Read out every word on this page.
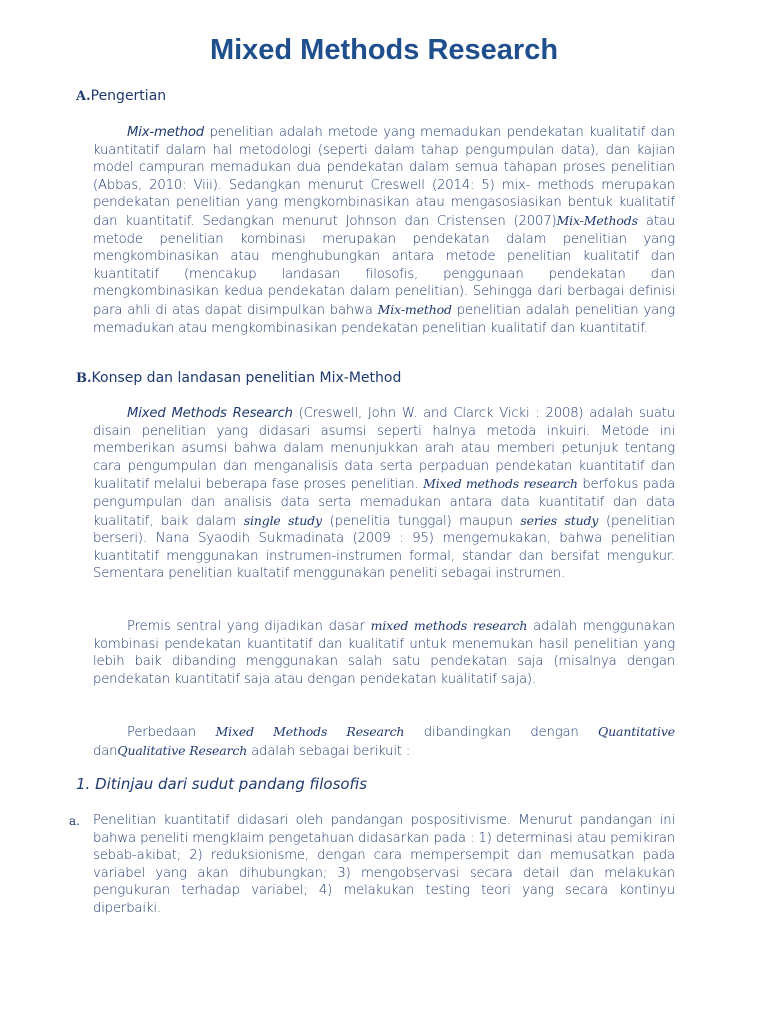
Mixed Methods Research

A.Pengertian

Mix-method penelitian adalah metode yang memadukan pendekatan kualitatif dan kuantitatif dalam hal metodologi (seperti dalam tahap pengumpulan data), dan kajian model campuran memadukan dua pendekatan dalam semua tahapan proses penelitian (Abbas, 2010: Viii). Sedangkan menurut Creswell (2014: 5) mix- methods merupakan pendekatan penelitian yang mengkombinasikan atau mengasosiasikan bentuk kualitatif dan kuantitatif. Sedangkan menurut Johnson dan Cristensen (2007)Mix-Methods atau metode penelitian kombinasi merupakan pendekatan dalam penelitian yang mengkombinasikan atau menghubungkan antara metode penelitian kualitatif dan kuantitatif (mencakup landasan filosofis, penggunaan pendekatan dan mengkombinasikan kedua pendekatan dalam penelitian). Sehingga dari berbagai definisi para ahli di atas dapat disimpulkan bahwa Mix-method penelitian adalah penelitian yang memadukan atau mengkombinasikan pendekatan penelitian kualitatif dan kuantitatif.

B.Konsep dan landasan penelitian Mix-Method

Mixed Methods Research (Creswell, John W. and Clarck Vicki : 2008) adalah suatu disain penelitian yang didasari asumsi seperti halnya metoda inkuiri. Metode ini memberikan asumsi bahwa dalam menunjukkan arah atau memberi petunjuk tentang cara pengumpulan dan menganalisis data serta perpaduan pendekatan kuantitatif dan kualitatif melalui beberapa fase proses penelitian. Mixed methods research berfokus pada pengumpulan dan analisis data serta memadukan antara data kuantitatif dan data kualitatif, baik dalam single study (penelitia tunggal) maupun series study (penelitian berseri). Nana Syaodih Sukmadinata (2009 : 95) mengemukakan, bahwa penelitian kuantitatif menggunakan instrumen-instrumen formal, standar dan bersifat mengukur. Sementara penelitian kualtatif menggunakan peneliti sebagai instrumen.

Premis sentral yang dijadikan dasar mixed methods research adalah menggunakan kombinasi pendekatan kuantitatif dan kualitatif untuk menemukan hasil penelitian yang lebih baik dibanding menggunakan salah satu pendekatan saja (misalnya dengan pendekatan kuantitatif saja atau dengan pendekatan kualitatif saja).

Perbedaan Mixed Methods Research dibandingkan dengan Quantitative danQualitative Research adalah sebagai berikuit :

1. Ditinjau dari sudut pandang filosofis

a. Penelitian kuantitatif didasari oleh pandangan pospositivisme. Menurut pandangan ini bahwa peneliti mengklaim pengetahuan didasarkan pada : 1) determinasi atau pemikiran sebab-akibat; 2) reduksionisme, dengan cara mempersempit dan memusatkan pada variabel yang akan dihubungkan; 3) mengobservasi secara detail dan melakukan pengukuran terhadap variabel; 4) melakukan testing teori yang secara kontinyu diperbaiki.
